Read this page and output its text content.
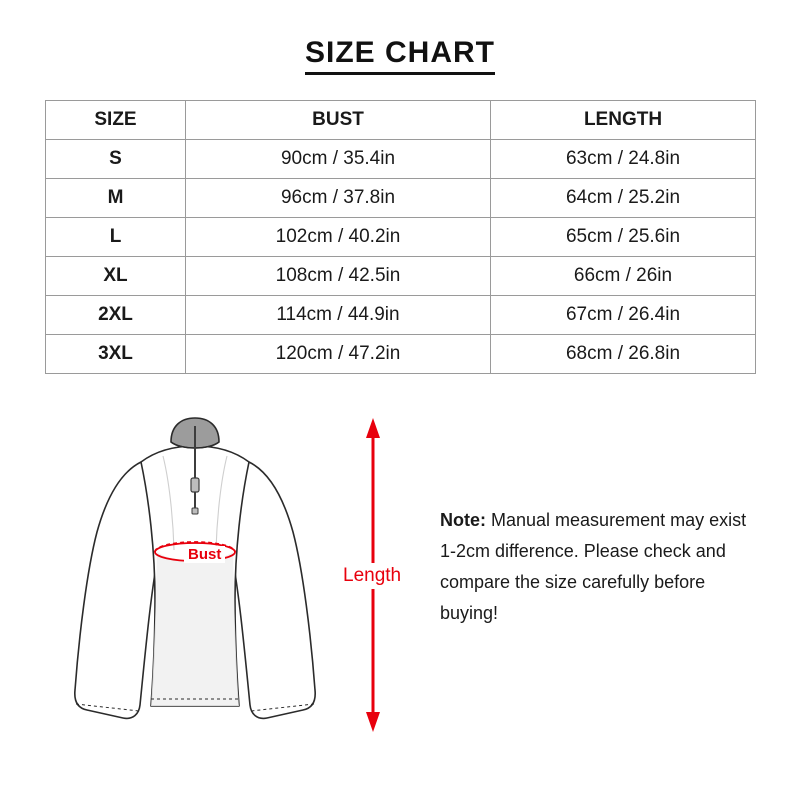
SIZE CHART
SIZE	BUST	LENGTH
S	90cm / 35.4in	63cm / 24.8in
M	96cm / 37.8in	64cm / 25.2in
L	102cm / 40.2in	65cm / 25.6in
XL	108cm / 42.5in	66cm / 26in
2XL	114cm / 44.9in	67cm / 26.4in
3XL	120cm / 47.2in	68cm / 26.8in
Bust
Length
Note: Manual measurement may exist 1-2cm difference. Please check and compare the size carefully before buying!
